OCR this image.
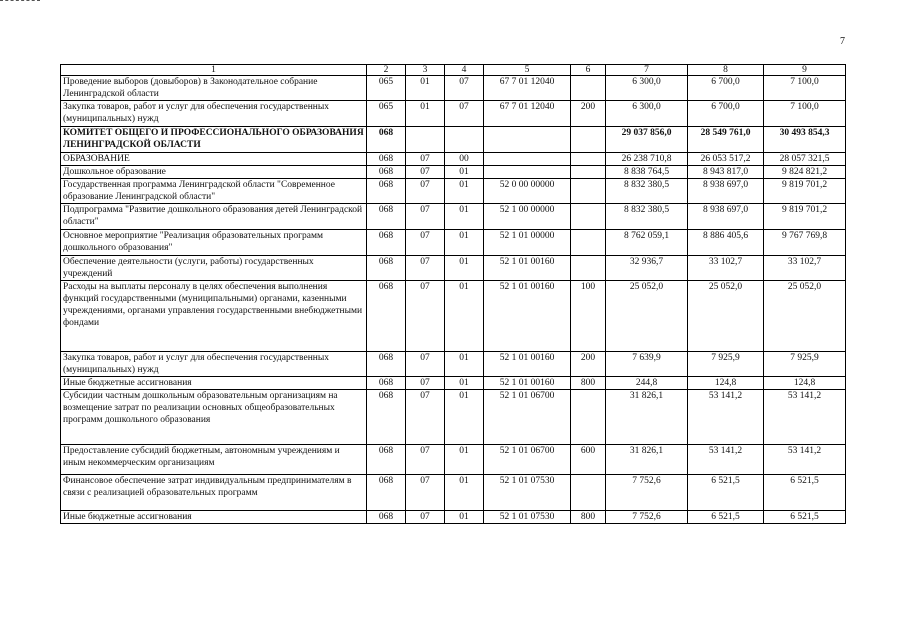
7
1	2	3	4	5	6	7	8	9
Проведение выборов (довыборов) в Законодательное собрание Ленинградской области	065	01	07	67 7 01 12040		6 300,0	6 700,0	7 100,0
Закупка товаров, работ и услуг для обеспечения государственных (муниципальных) нужд	065	01	07	67 7 01 12040	200	6 300,0	6 700,0	7 100,0
КОМИТЕТ ОБЩЕГО И ПРОФЕССИОНАЛЬНОГО ОБРАЗОВАНИЯ ЛЕНИНГРАДСКОЙ ОБЛАСТИ	068					29 037 856,0	28 549 761,0	30 493 854,3
ОБРАЗОВАНИЕ	068	07	00			26 238 710,8	26 053 517,2	28 057 321,5
Дошкольное образование	068	07	01			8 838 764,5	8 943 817,0	9 824 821,2
Государственная программа Ленинградской области "Современное образование Ленинградской области"	068	07	01	52 0 00 00000		8 832 380,5	8 938 697,0	9 819 701,2
Подпрограмма "Развитие дошкольного образования детей Ленинградской области"	068	07	01	52 1 00 00000		8 832 380,5	8 938 697,0	9 819 701,2
Основное мероприятие "Реализация образовательных программ дошкольного образования"	068	07	01	52 1 01 00000		8 762 059,1	8 886 405,6	9 767 769,8
Обеспечение деятельности (услуги, работы) государственных учреждений	068	07	01	52 1 01 00160		32 936,7	33 102,7	33 102,7
Расходы на выплаты персоналу в целях обеспечения выполнения функций государственными (муниципальными) органами, казенными учреждениями, органами управления государственными внебюджетными фондами	068	07	01	52 1 01 00160	100	25 052,0	25 052,0	25 052,0
Закупка товаров, работ и услуг для обеспечения государственных (муниципальных) нужд	068	07	01	52 1 01 00160	200	7 639,9	7 925,9	7 925,9
Иные бюджетные ассигнования	068	07	01	52 1 01 00160	800	244,8	124,8	124,8
Субсидии частным дошкольным образовательным организациям на возмещение затрат по реализации основных общеобразовательных программ дошкольного образования	068	07	01	52 1 01 06700		31 826,1	53 141,2	53 141,2
Предоставление субсидий бюджетным, автономным учреждениям и иным некоммерческим организациям	068	07	01	52 1 01 06700	600	31 826,1	53 141,2	53 141,2
Финансовое обеспечение затрат индивидуальным предпринимателям в связи с реализацией образовательных программ	068	07	01	52 1 01 07530		7 752,6	6 521,5	6 521,5
Иные бюджетные ассигнования	068	07	01	52 1 01 07530	800	7 752,6	6 521,5	6 521,5
